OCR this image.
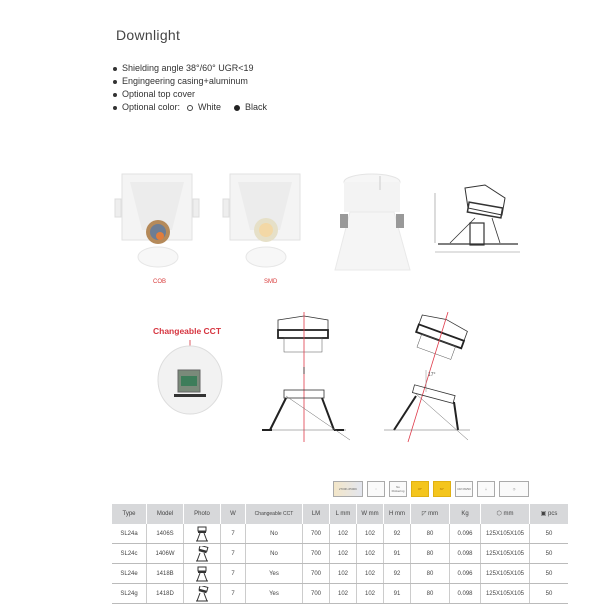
Downlight
Shielding angle 38°/60° UGR<19
Engingeering casing+aluminum
Optional top cover
Optional color: White	Black
COB	SMD
Changeable CCT
17°
2700K-6500K	◌	No Flickering	38°	60°	CRI 80/90	⏚	◷
Type	Model	Photo	W	Changeable CCT	LM	L mm	W mm	H mm	◸ mm	Kg	⬡ mm	▣ pcs
SL24a	1406S		7	No	700	102	102	92	80	0.096	125X105X105	50
SL24c	1406W		7	No	700	102	102	91	80	0.098	125X105X105	50
SL24e	1418B		7	Yes	700	102	102	92	80	0.096	125X105X105	50
SL24g	1418D		7	Yes	700	102	102	91	80	0.098	125X105X105	50
